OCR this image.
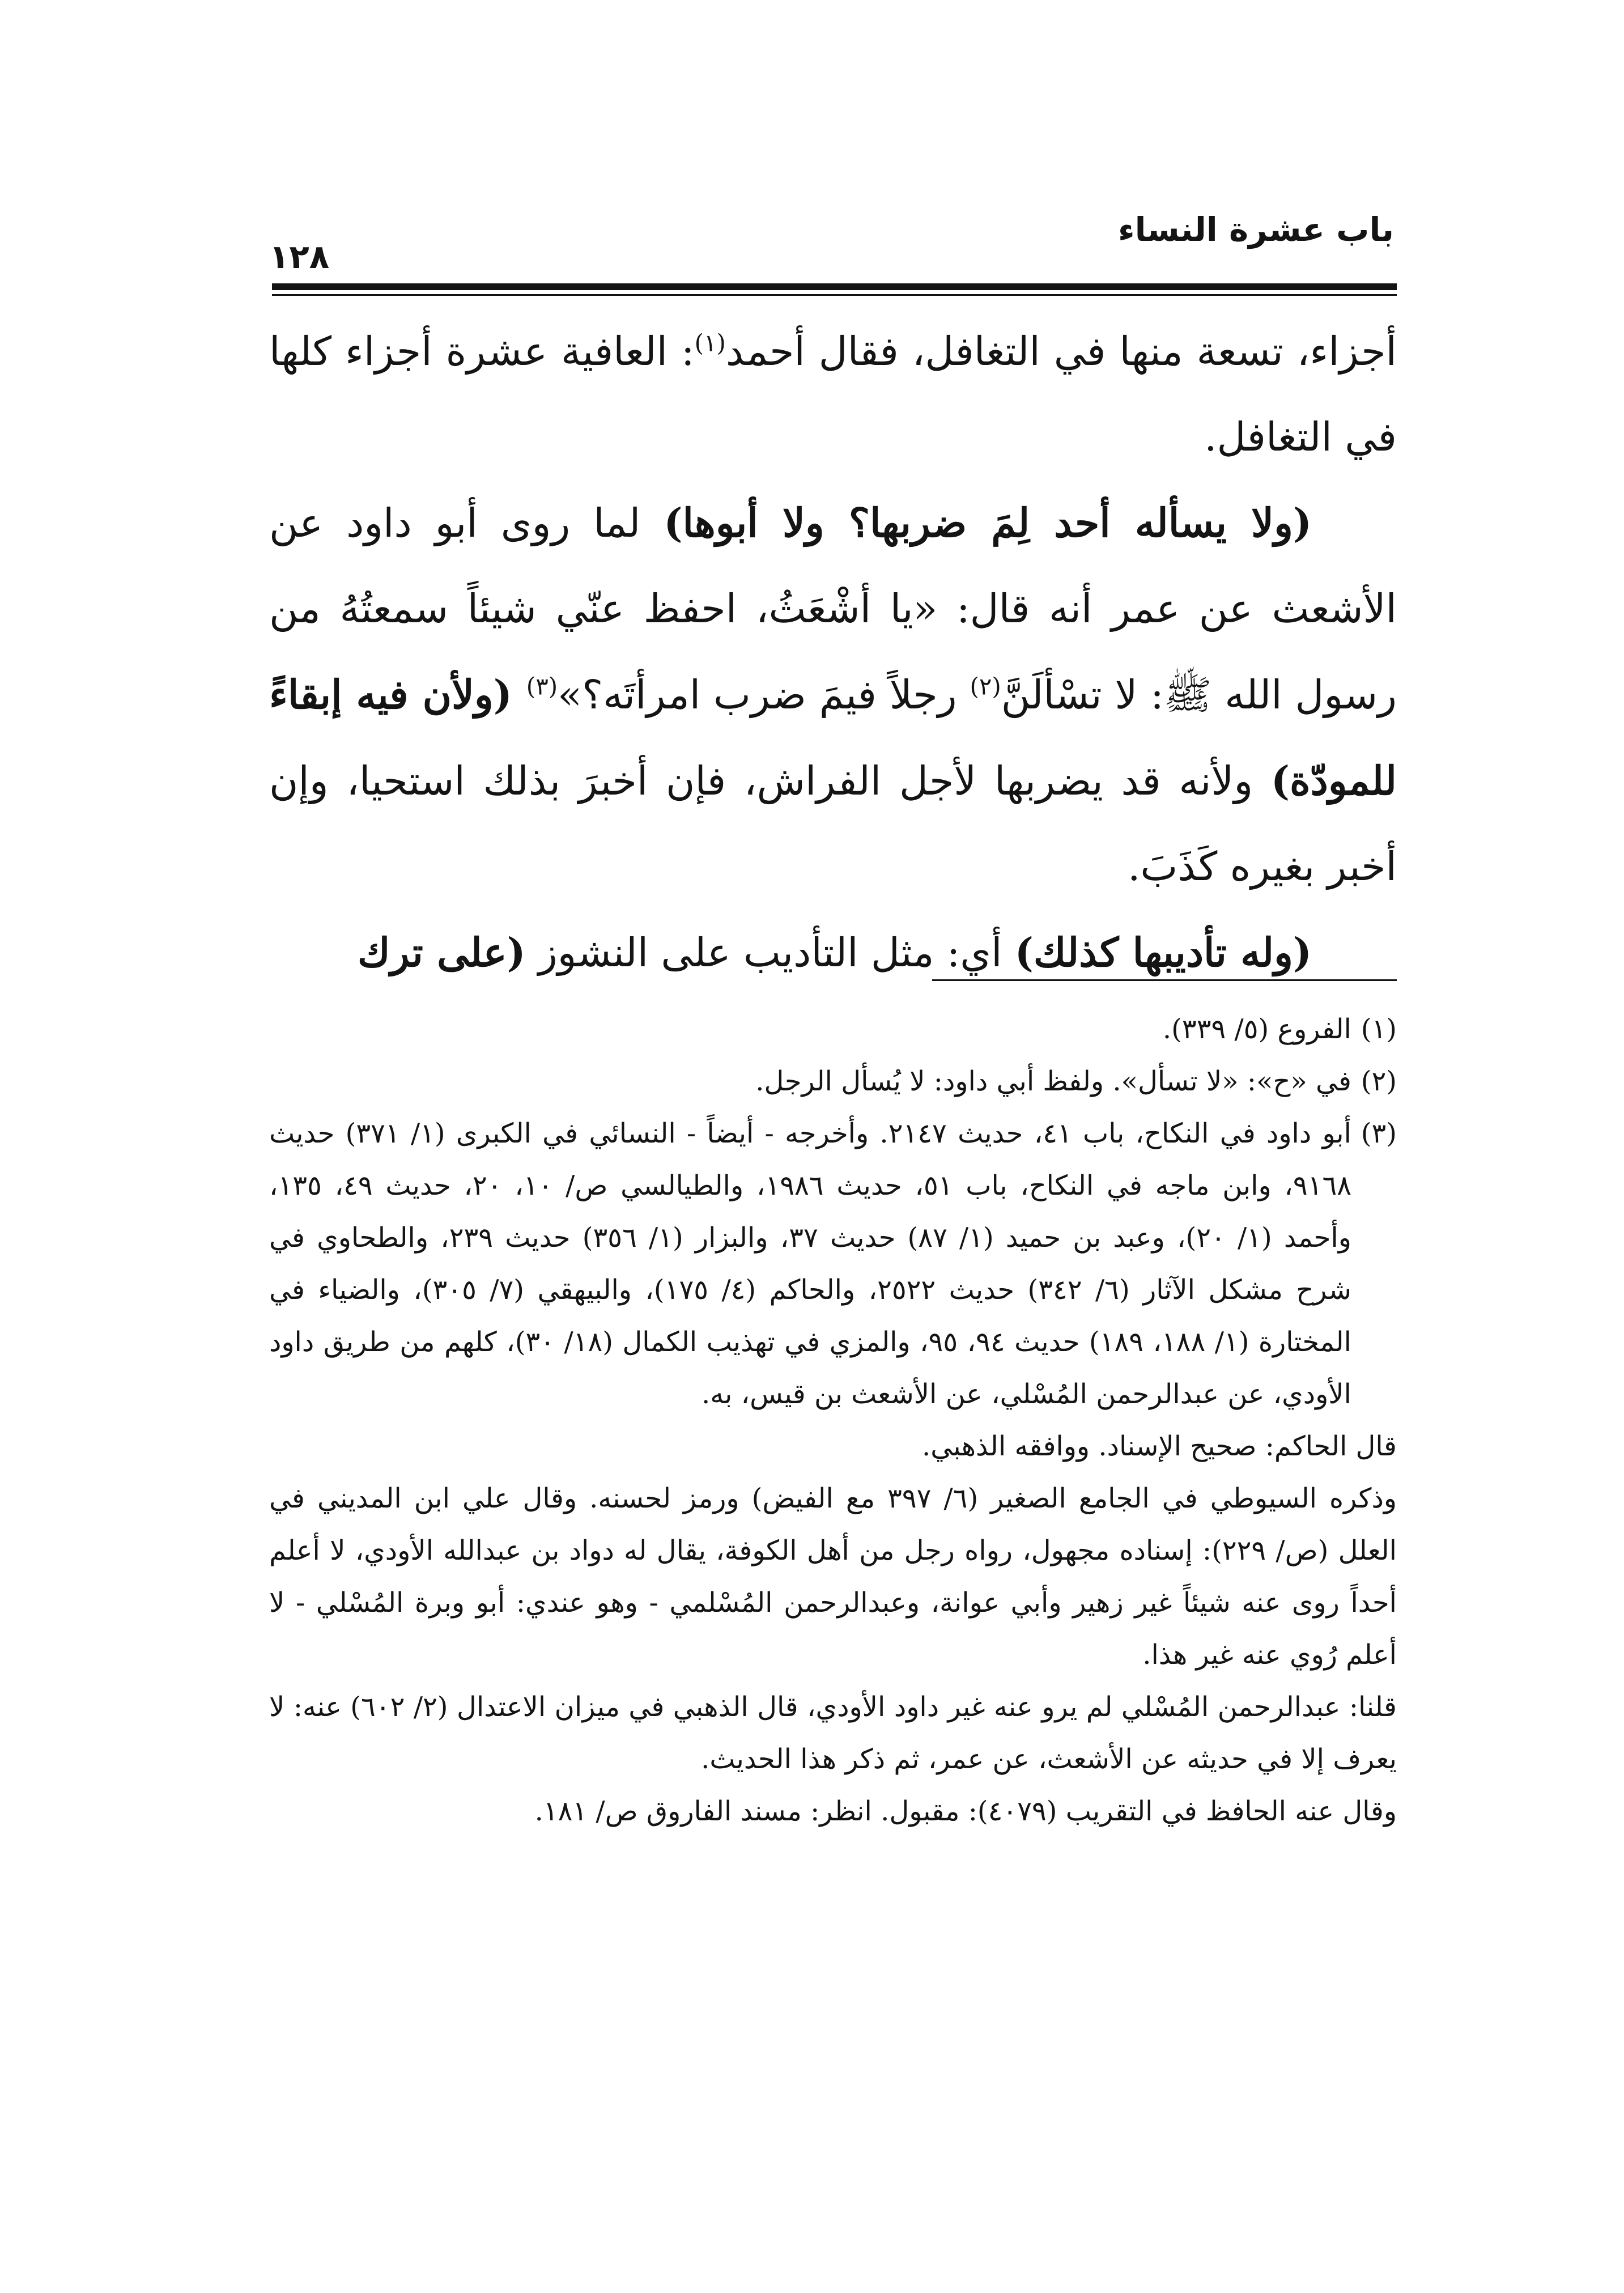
باب عشرة النساء
١٢٨

أجزاء، تسعة منها في التغافل، فقال أحمد$^{(١)}$: العافية عشرة أجزاء كلها في التغافل.

(ولا يسأله أحد لِمَ ضربها؟ ولا أبوها) لما روى أبو داود عن الأشعث عن عمر أنه قال: «يا أشْعَثُ، احفظ عنّي شيئاً سمعتُهُ من رسول الله ﷺ: لا تسْألَنَّ$^{(٢)}$ رجلاً فيمَ ضرب امرأتَه؟»$^{(٣)}$ (ولأن فيه إبقاءً للمودّة) ولأنه قد يضربها لأجل الفراش، فإن أخبرَ بذلك استحيا، وإن أخبر بغيره كَذَبَ.

(وله تأديبها كذلك) أي: مثل التأديب على النشوز (على ترك

(١)
الفروع (٥/ ٣٣٩).

(٢)
في «ح»: «لا تسأل». ولفظ أبي داود: لا يُسأل الرجل.

(٣)
أبو داود في النكاح، باب ٤١، حديث ٢١٤٧. وأخرجه - أيضاً - النسائي في الكبرى (١/ ٣٧١) حديث ٩١٦٨، وابن ماجه في النكاح، باب ٥١، حديث ١٩٨٦، والطيالسي ص/ ١٠، ٢٠، حديث ٤٩، ١٣٥، وأحمد (١/ ٢٠)، وعبد بن حميد (١/ ٨٧) حديث ٣٧، والبزار (١/ ٣٥٦) حديث ٢٣٩، والطحاوي في شرح مشكل الآثار (٦/ ٣٤٢) حديث ٢٥٢٢، والحاكم (٤/ ١٧٥)، والبيهقي (٧/ ٣٠٥)، والضياء في المختارة (١/ ١٨٨، ١٨٩) حديث ٩٤، ٩٥، والمزي في تهذيب الكمال (١٨/ ٣٠)، كلهم من طريق داود الأودي، عن عبدالرحمن المُسْلي، عن الأشعث بن قيس، به.

قال الحاكم: صحيح الإسناد. ووافقه الذهبي.

وذكره السيوطي في الجامع الصغير (٦/ ٣٩٧ مع الفيض) ورمز لحسنه. وقال علي ابن المديني في العلل (ص/ ٢٢٩): إسناده مجهول، رواه رجل من أهل الكوفة، يقال له دواد بن عبدالله الأودي، لا أعلم أحداً روى عنه شيئاً غير زهير وأبي عوانة، وعبدالرحمن المُسْلمي - وهو عندي: أبو وبرة المُسْلي - لا أعلم رُوي عنه غير هذا.

قلنا: عبدالرحمن المُسْلي لم يرو عنه غير داود الأودي، قال الذهبي في ميزان الاعتدال (٢/ ٦٠٢) عنه: لا يعرف إلا في حديثه عن الأشعث، عن عمر، ثم ذكر هذا الحديث.

وقال عنه الحافظ في التقريب (٤٠٧٩): مقبول. انظر: مسند الفاروق ص/ ١٨١.
